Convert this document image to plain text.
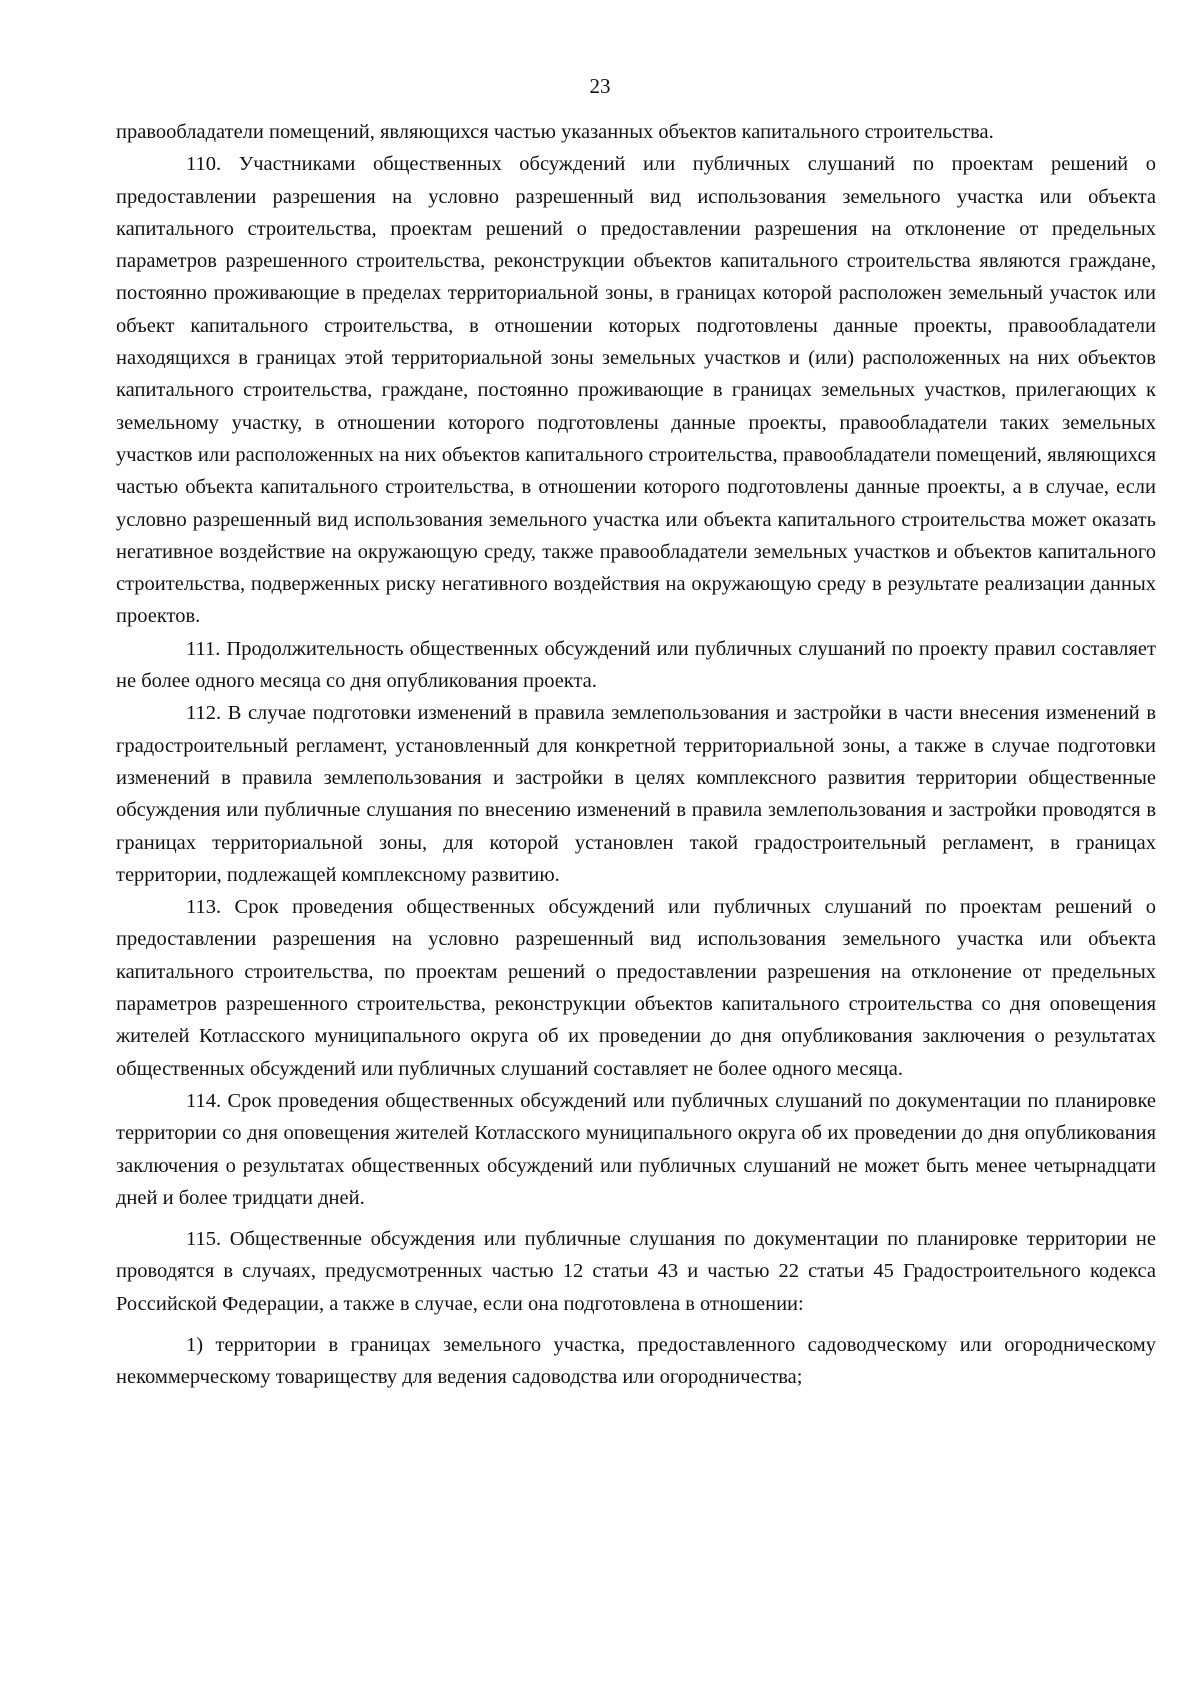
23

правообладатели помещений, являющихся частью указанных объектов капитального строительства.

110. Участниками общественных обсуждений или публичных слушаний по проектам решений о предоставлении разрешения на условно разрешенный вид использования земельного участка или объекта капитального строительства, проектам решений о предоставлении разрешения на отклонение от предельных параметров разрешенного строительства, реконструкции объектов капитального строительства являются граждане, постоянно проживающие в пределах территориальной зоны, в границах которой расположен земельный участок или объект капитального строительства, в отношении которых подготовлены данные проекты, правообладатели находящихся в границах этой территориальной зоны земельных участков и (или) расположенных на них объектов капитального строительства, граждане, постоянно проживающие в границах земельных участков, прилегающих к земельному участку, в отношении которого подготовлены данные проекты, правообладатели таких земельных участков или расположенных на них объектов капитального строительства, правообладатели помещений, являющихся частью объекта капитального строительства, в отношении которого подготовлены данные проекты, а в случае, если условно разрешенный вид использования земельного участка или объекта капитального строительства может оказать негативное воздействие на окружающую среду, также правообладатели земельных участков и объектов капитального строительства, подверженных риску негативного воздействия на окружающую среду в результате реализации данных проектов.

111. Продолжительность общественных обсуждений или публичных слушаний по проекту правил составляет не более одного месяца со дня опубликования проекта.

112. В случае подготовки изменений в правила землепользования и застройки в части внесения изменений в градостроительный регламент, установленный для конкретной территориальной зоны, а также в случае подготовки изменений в правила землепользования и застройки в целях комплексного развития территории общественные обсуждения или публичные слушания по внесению изменений в правила землепользования и застройки проводятся в границах территориальной зоны, для которой установлен такой градостроительный регламент, в границах территории, подлежащей комплексному развитию.

113. Срок проведения общественных обсуждений или публичных слушаний по проектам решений о предоставлении разрешения на условно разрешенный вид использования земельного участка или объекта капитального строительства, по проектам решений о предоставлении разрешения на отклонение от предельных параметров разрешенного строительства, реконструкции объектов капитального строительства со дня оповещения жителей Котласского муниципального округа об их проведении до дня опубликования заключения о результатах общественных обсуждений или публичных слушаний составляет не более одного месяца.

114. Срок проведения общественных обсуждений или публичных слушаний по документации по планировке территории со дня оповещения жителей Котласского муниципального округа об их проведении до дня опубликования заключения о результатах общественных обсуждений или публичных слушаний не может быть менее четырнадцати дней и более тридцати дней.

115. Общественные обсуждения или публичные слушания по документации по планировке территории не проводятся в случаях, предусмотренных частью 12 статьи 43 и частью 22 статьи 45 Градостроительного кодекса Российской Федерации, а также в случае, если она подготовлена в отношении:

1) территории в границах земельного участка, предоставленного садоводческому или огородническому некоммерческому товариществу для ведения садоводства или огородничества;
